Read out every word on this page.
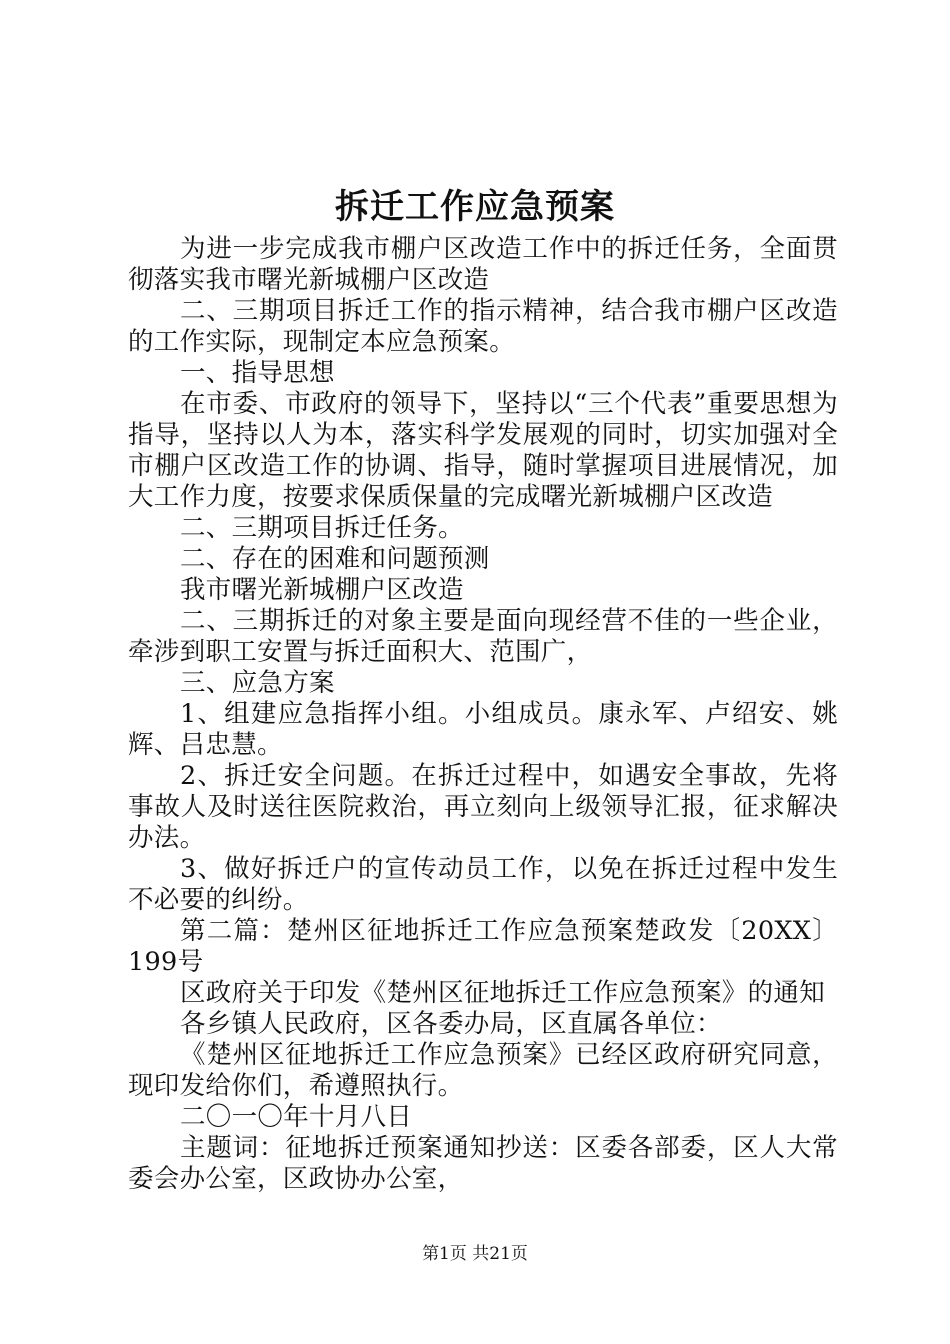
拆迁工作应急预案

为进一步完成我市棚户区改造工作中的拆迁任务，全面贯彻落实我市曙光新城棚户区改造

二、三期项目拆迁工作的指示精神，结合我市棚户区改造的工作实际，现制定本应急预案。

一、指导思想

在市委、市政府的领导下，坚持以“三个代表”重要思想为指导，坚持以人为本，落实科学发展观的同时，切实加强对全市棚户区改造工作的协调、指导，随时掌握项目进展情况，加大工作力度，按要求保质保量的完成曙光新城棚户区改造

二、三期项目拆迁任务。

二、存在的困难和问题预测

我市曙光新城棚户区改造

二、三期拆迁的对象主要是面向现经营不佳的一些企业，牵涉到职工安置与拆迁面积大、范围广，

三、应急方案

1、组建应急指挥小组。小组成员。康永军、卢绍安、姚辉、吕忠慧。

2、拆迁安全问题。在拆迁过程中，如遇安全事故，先将事故人及时送往医院救治，再立刻向上级领导汇报，征求解决办法。

3、做好拆迁户的宣传动员工作，以免在拆迁过程中发生不必要的纠纷。

第二篇：楚州区征地拆迁工作应急预案楚政发〔20XX〕199号

区政府关于印发《楚州区征地拆迁工作应急预案》的通知

各乡镇人民政府，区各委办局，区直属各单位：

《楚州区征地拆迁工作应急预案》已经区政府研究同意，现印发给你们，希遵照执行。

二〇一〇年十月八日

主题词：征地拆迁预案通知抄送：区委各部委，区人大常委会办公室，区政协办公室，

第1页 共21页
